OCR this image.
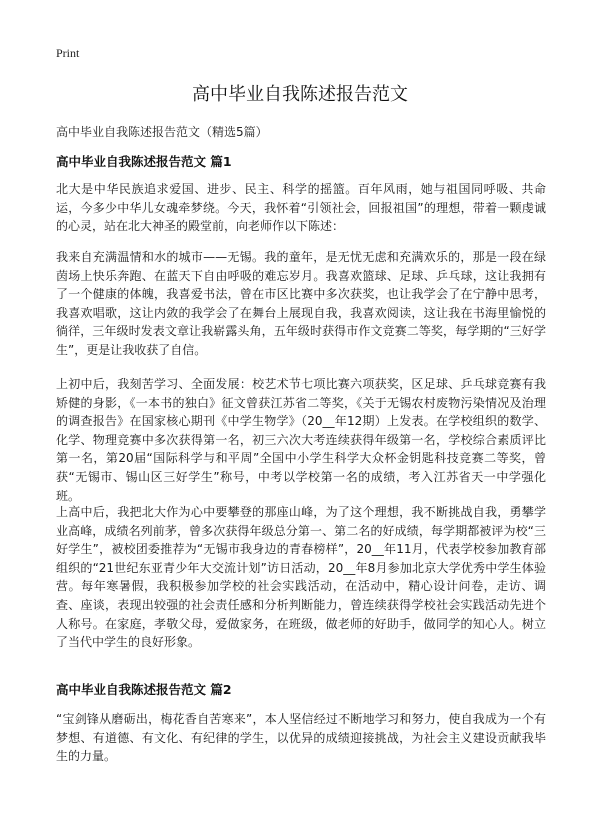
Print
高中毕业自我陈述报告范文

高中毕业自我陈述报告范文（精选5篇）

高中毕业自我陈述报告范文 篇1

北大是中华民族追求爱国、进步、民主、科学的摇篮。百年风雨，她与祖国同呼吸、共命运，今多少中华儿女魂牵梦绕。今天，我怀着“引领社会，回报祖国”的理想，带着一颗虔诚的心灵，站在北大神圣的殿堂前，向老师作以下陈述：

我来自充满温情和水的城市——无锡。我的童年，是无忧无虑和充满欢乐的，那是一段在绿茵场上快乐奔跑、在蓝天下自由呼吸的难忘岁月。我喜欢篮球、足球、乒乓球，这让我拥有了一个健康的体魄，我喜爱书法，曾在市区比赛中多次获奖，也让我学会了在宁静中思考，我喜欢唱歌，这让内敛的我学会了在舞台上展现自我，我喜欢阅读，这让我在书海里愉悦的徜徉，三年级时发表文章让我崭露头角，五年级时获得市作文竞赛二等奖，每学期的“三好学生”，更是让我收获了自信。

上初中后，我刻苦学习、全面发展：校艺术节七项比赛六项获奖，区足球、乒乓球竞赛有我矫健的身影，《一本书的独白》征文曾获江苏省二等奖，《关于无锡农村废物污染情况及治理的调查报告》在国家核心期刊《中学生物学》（20__年12期）上发表。在学校组织的数学、化学、物理竞赛中多次获得第一名，初三六次大考连续获得年级第一名，学校综合素质评比第一名，第20届“国际科学与和平周”全国中小学生科学大众杯金钥匙科技竞赛二等奖，曾获“无锡市、锡山区三好学生”称号，中考以学校第一名的成绩，考入江苏省天一中学强化班。

上高中后，我把北大作为心中要攀登的那座山峰，为了这个理想，我不断挑战自我，勇攀学业高峰，成绩名列前茅，曾多次获得年级总分第一、第二名的好成绩，每学期都被评为校“三好学生”，被校团委推荐为“无锡市我身边的青春榜样”，20__年11月，代表学校参加教育部组织的“21世纪东亚青少年大交流计划”访日活动，20__年8月参加北京大学优秀中学生体验营。每年寒暑假，我积极参加学校的社会实践活动，在活动中，精心设计问卷，走访、调查、座谈，表现出较强的社会责任感和分析判断能力，曾连续获得学校社会实践活动先进个人称号。在家庭，孝敬父母，爱做家务，在班级，做老师的好助手，做同学的知心人。树立了当代中学生的良好形象。

高中毕业自我陈述报告范文 篇2

“宝剑锋从磨砺出，梅花香自苦寒来”，本人坚信经过不断地学习和努力，使自我成为一个有梦想、有道德、有文化、有纪律的学生，以优异的成绩迎接挑战，为社会主义建设贡献我毕生的力量。
